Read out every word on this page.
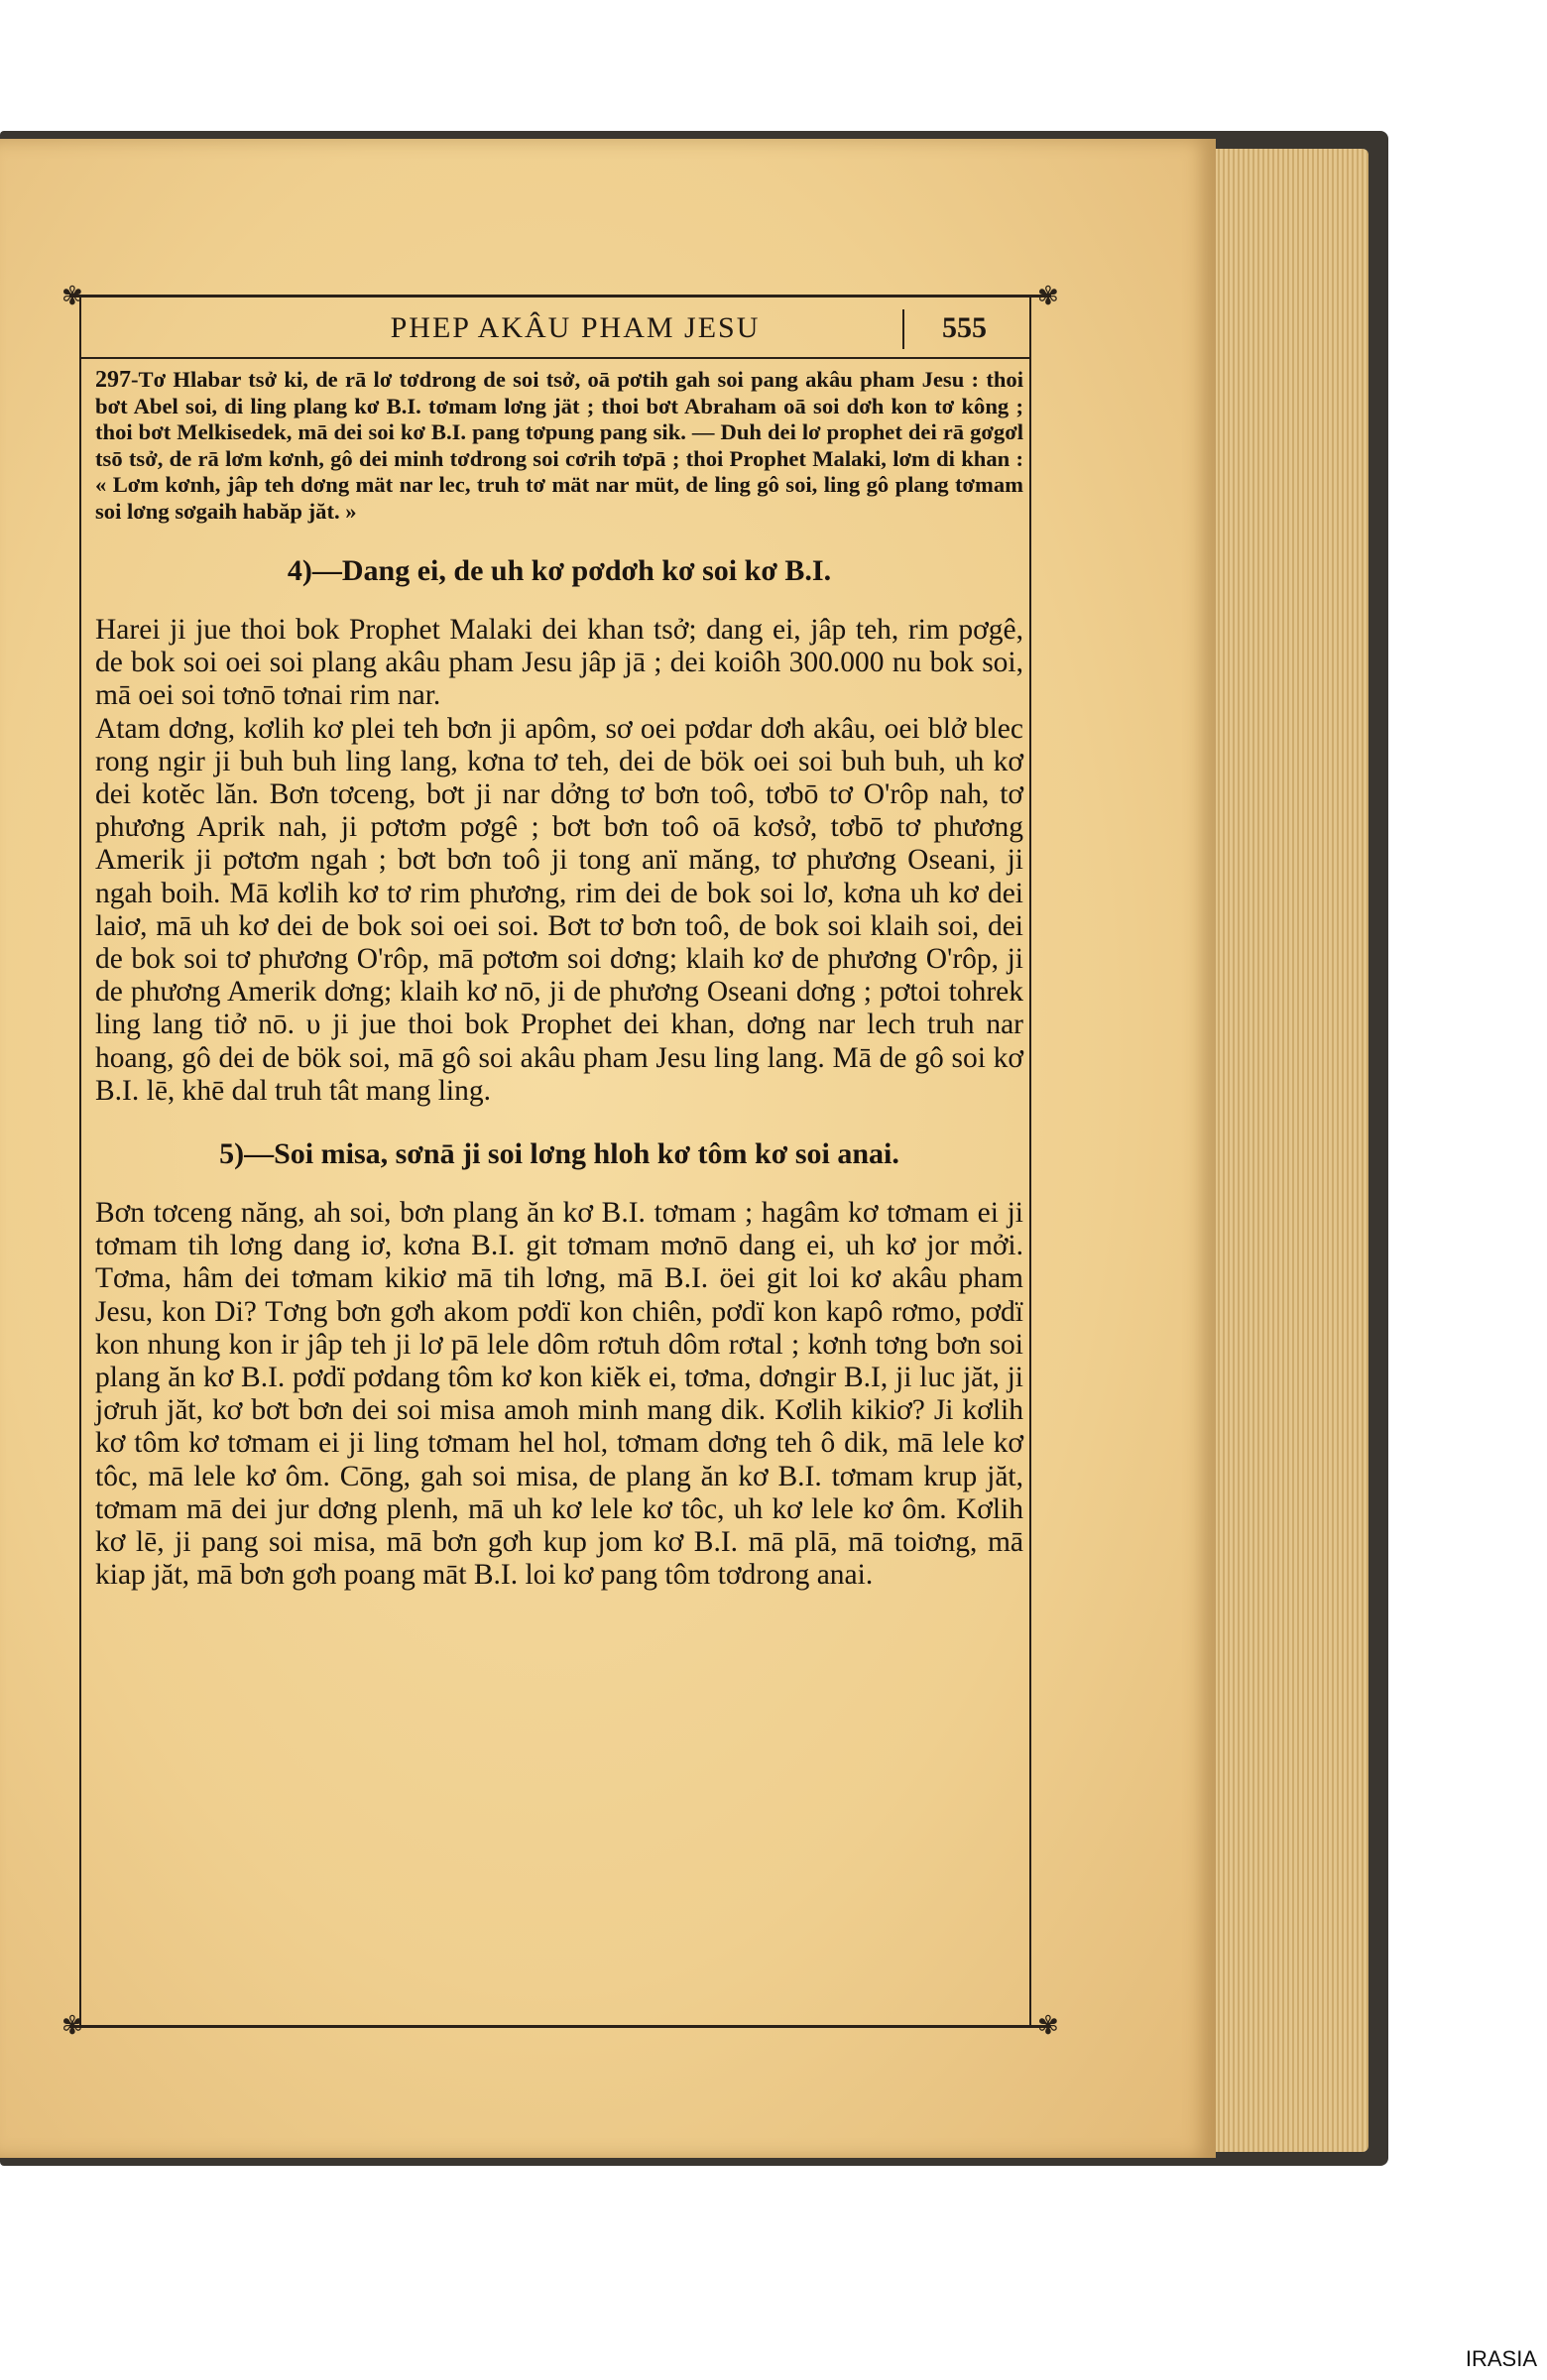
✾	✾
✾	✾
PHEP AKÂU PHAM JESU	555

297-Tơ Hlabar tsở ki, de rā lơ tơdrong de soi tsở, oā pơtih gah soi pang akâu pham Jesu : thoi bơt Abel soi, di ling plang kơ B.I. tơmam lơng jät ; thoi bơt Abraham oā soi dơh kon tơ kông ; thoi bơt Melkisedek, mā dei soi kơ B.I. pang tơpung pang sik. — Duh dei lơ prophet dei rā gơgơl tsō tsở, de rā lơm kơnh, gô dei minh tơdrong soi cơrih tơpā ; thoi Prophet Malaki, lơm di khan : « Lơm kơnh, jâp teh dơng mät nar lec, truh tơ mät nar müt, de ling gô soi, ling gô plang tơmam soi lơng sơgaih habăp jăt. »

4)—Dang ei, de uh kơ pơdơh kơ soi kơ B.I.

Harei ji jue thoi bok Prophet Malaki dei khan tsở; dang ei, jâp teh, rim pơgê, de bok soi oei soi plang akâu pham Jesu jâp jā ; dei koiôh 300.000 nu bok soi, mā oei soi tơnō tơnai rim nar.

Atam dơng, kơlih kơ plei teh bơn ji apôm, sơ oei pơdar dơh akâu, oei blở blec rong ngir ji buh buh ling lang, kơna tơ teh, dei de bök oei soi buh buh, uh kơ dei kotĕc lăn. Bơn tơceng, bơt ji nar dởng tơ bơn toô, tơbō tơ O'rôp nah, tơ phương Aprik nah, ji pơtơm pơgê ; bơt bơn toô oā kơsở, tơbō tơ phương Amerik ji pơtơm ngah ; bơt bơn toô ji tong anï măng, tơ phương Oseani, ji ngah boih. Mā kơlih kơ tơ rim phương, rim dei de bok soi lơ, kơna uh kơ dei laiơ, mā uh kơ dei de bok soi oei soi. Bơt tơ bơn toô, de bok soi klaih soi, dei de bok soi tơ phương O'rôp, mā pơtơm soi dơng; klaih kơ de phương O'rôp, ji de phương Amerik dơng; klaih kơ nō, ji de phương Oseani dơng ; pơtoi tohrek ling lang tiở nō. υ ji jue thoi bok Prophet dei khan, dơng nar lech truh nar hoang, gô dei de bök soi, mā gô soi akâu pham Jesu ling lang. Mā de gô soi kơ B.I. lē, khē dal truh tât mang ling.

5)—Soi misa, sơnā ji soi lơng hloh kơ tôm kơ soi anai.

Bơn tơceng năng, ah soi, bơn plang ăn kơ B.I. tơmam ; hagâm kơ tơmam ei ji tơmam tih lơng dang iơ, kơna B.I. git tơmam mơnō dang ei, uh kơ jor mởi. Tơma, hâm dei tơmam kikiơ mā tih lơng, mā B.I. öei git loi kơ akâu pham Jesu, kon Di? Tơng bơn gơh akom pơdï kon chiên, pơdï kon kapô rơmo, pơdï kon nhung kon ir jâp teh ji lơ pā lele dôm rơtuh dôm rơtal ; kơnh tơng bơn soi plang ăn kơ B.I. pơdï pơdang tôm kơ kon kiĕk ei, tơma, dơngir B.I, ji luc jăt, ji jơruh jăt, kơ bơt bơn dei soi misa amoh minh mang dik. Kơlih kikiơ? Ji kơlih kơ tôm kơ tơmam ei ji ling tơmam hel hol, tơmam dơng teh ô dik, mā lele kơ tôc, mā lele kơ ôm. Cōng, gah soi misa, de plang ăn kơ B.I. tơmam krup jăt, tơmam mā dei jur dơng plenh, mā uh kơ lele kơ tôc, uh kơ lele kơ ôm. Kơlih kơ lē, ji pang soi misa, mā bơn gơh kup jom kơ B.I. mā plā, mā toiơng, mā kiap jăt, mā bơn gơh poang māt B.I. loi kơ pang tôm tơdrong anai.

IRASIA
